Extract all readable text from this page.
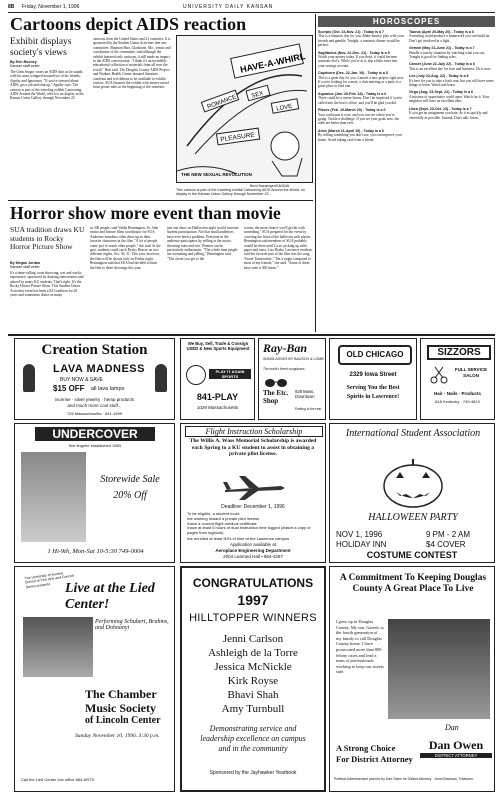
8B Friday, November 1, 1996	UNIVERSITY DAILY KANSAN
Cartoons depict AIDS reaction
Exhibit displays society's views
By Erin Rooney
Kansan staff writer
The Ginn Seagor wears an AIDS shirt as he stands with his arms wrapped around two of his friends, Apathy and Ignorance. "If you're stressed about AIDS, get a job and shut up," Apathy says. The cartoon is part of the traveling exhibit Cartooning AIDS Around the World, which is on display in the Kansas Union Gallery through November 22.
cartoons from the United States and 21 countries. It is sponsored by the Student Union Activities fine arts committee. Shannon Hart, Gladstone, Mo., senior and coordinator of the committee, said although the exhibit featured only cartoons, it still made an impact in the AIDS conversation. "I think it's an incredibly educational collection of materials from all over the world," Hart said. The Douglas County AIDS Project and Watkins Health Center donated literature, condoms and red ribbons to be available to exhibit visitors. SUA finances the exhibit with money raised from poster sales at the beginning of the semester.
HAVE-A-WHIRL
ROMANCE SEX
LOVE
PLEASURE
THE NEW SEXUAL REVOLUTION
Brent Swearingen/KANSAN
This cartoon is part of the traveling exhibit Cartooning AIDS Around the World, on display in the Kansas Union Gallery through November 22.
HOROSCOPES
Scorpio (Oct. 24-Nov. 21) - Today is a 7
This is a fantastic day for you. Make money, play with your friends and gamble. Tonight, a romantic dinner would be perfect.
Sagittarius (Nov. 22-Dec. 21) - Today is a 5
Watch your money today. If you don't, it could become someone else's. While you're at it, slip a little extra into your savings account.
Capricorn (Dec. 22-Jan. 19) - Today is a 5
This is a great day for you. Launch a new project right now. If you're looking for a mate, a club meeting or a party is a great place to find one.
Aquarius (Jan. 20-Feb. 18) - Today is a 6
There could be a career bonus. Don't be surprised if you're called into the boss's office, and you'll be glad you did.
Pisces (Feb. 19-March 20) - Today is a 6
Your confusion is over, and you can see where you're going. Tackle a challenge. If you set your goals now, the odds are better than ever.
Aries (March 21-April 19) - Today is a 6
By selling something you don't use, you can improve your home. Avoid taking cash from a friend.
Taurus (April 20-May 20) - Today is a 6
A meeting could produce a framework you can build on. Don't get involved in a fight.
Gemini (May 21-June 21) - Today is a 7
Handle a touchy situation by watching what you say. Tonight is good for finding sales.
Cancer (June 22-July 22) - Today is a 6
This is an excellent day for love and business. Do it now.
Leo (July 23-Aug. 22) - Today is a 6
It's best for you to take a back seat, but you still have some things to learn. Watch and learn.
Virgo (Aug. 23-Sept. 22) - Today is a 6
A mixture of opportunity could open. Watch for it. Your neighbor will have an excellent idea.
Libra (Sept. 23-Oct. 23) - Today is a 7
If you get an assignment you hate, do it as quickly and cheerfully as possible. Instead, Don't talk, listen.
Horror show more event than movie
SUA tradition draws KU students to Rocky Horror Picture Show
By Megan Jordan
Kansan staff writer
It's a tame-calling, toast-throwing, wet and wacky experience, sponsored by dancing transvestites and adored by many KU students. That's right. It's the Rocky Horror Picture Show. This Student Union Activities event has been a KU tradition for 20 years and sometimes draws as many
as 300 people, said Valdis Bennington, St. John senior and feature films coordinator for SUA. Audience members often dress up as their favorite characters in the film. "A lot of people come just to watch other people," she said. In the past, students could catch Rocky Horror on two different nights, Oct. 30, 31. This year, however, the film will be shown only on Friday night. Bennington said that SUA had decided to limit the film to three showings this year.
just one show on Halloween night would increase student participation. Not that small audiences have ever been a problem. Everyone in the audience participates by yelling at the actors, throwing toast and rice. Women can be particularly enthusiastic. "The whole time people are screaming and yelling," Bennington said. "The closer you get to the
screen, the more chance you'll get hit with something." SUA prepared for the event by covering the front of the ballroom with plastic. Bennington said members of SUA probably would be there until 2 a.m. picking up toilet paper and toast. Lisa Drake, Lawrence resident, said her favorite part of the film was the song 'Sweet Transvestite.' "I'm a virgin compared to most of my friends," she said. "Some of them have seen it 300 times."
Creation Station
LAVA MADNESS
BUY NOW & SAVE
$15 OFF all lava lamps
incense · silver jewelry · hemp products
and much more cool stuff...
726 Massachusetts · 841-1999
We Buy, Sell, Trade & Consign USED & New Sports Equipment
PLAY IT AGAIN SPORTS
841-PLAY
1029 Massachusetts
Ray-Ban
SUNGLASSES BY BAUSCH & LOMB
The world's finest sunglasses
The Etc. Shop
928 Mass. Downtown
Parking to the rear
OLD CHICAGO
2329 Iowa Street
Serving You the Best
Spirits in Lawrence!
SIZZORS
FULL SERVICE SALON
Hair · Nails · Products
818 Kentucky · 749-4819
UNDERCOVER
fine lingerie established 1983
Storewide Sale
20% Off
1 Hi-9th, Mon-Sat 10-5:30 749-0004
Flight Instruction Scholarship
The Willis A. Wass Memorial Scholarship is awarded each Spring to a KU student to assist in obtaining a private pilot license.
Deadline: December 1, 1996
To be eligible, a student must:
•be working toward a private pilot license
•have a current flight medical certificate
•have at least 5 hours of dual instruction time logged (attach a copy of pages from logbook)
•be enrolled at least 50% of time at the Lawrence campus
Application available at
Aeroplace Engineering Department
2004 Learned Hall • 864-4267
International Student Association
HALLOWEEN PARTY
NOV 1, 1996	9 PM - 2 AM
HOLIDAY INN	$4 COVER
COSTUME CONTEST
The University of Kansas School of Fine Arts and Concert Series presents	Live at the Lied Center!
Performing Schubert, Brahms, and Dohnanyi
The Chamber
Music Society
of Lincoln Center
Sunday November 10, 1996. 3:30 p.m.
Call the Lied Center box office 864-ARTS
CONGRATULATIONS
1997
HILLTOPPER WINNERS
Jenni Carlson
Ashleigh de la Torre
Jessica McNickle
Kirk Royse
Bhavi Shah
Amy Turnbull
Demonstrating service and
leadership excellence on campus
and in the community
Sponsored by the Jayhawker Yearbook
A Commitment To Keeping Douglas County A Great Place To Live
I grew up in Douglas County. My son, Garrett, is the fourth generation of my family to call Douglas County home. I have prosecuted more than 800 felony cases and lead a team of professionals working to keep our streets safe.
Dan
Dan Owen
DISTRICT ATTORNEY
A Strong Choice
For District Attorney
Political Advertisement paid for by Dan Owen for District Attorney · Jenni Bowman, Treasurer
